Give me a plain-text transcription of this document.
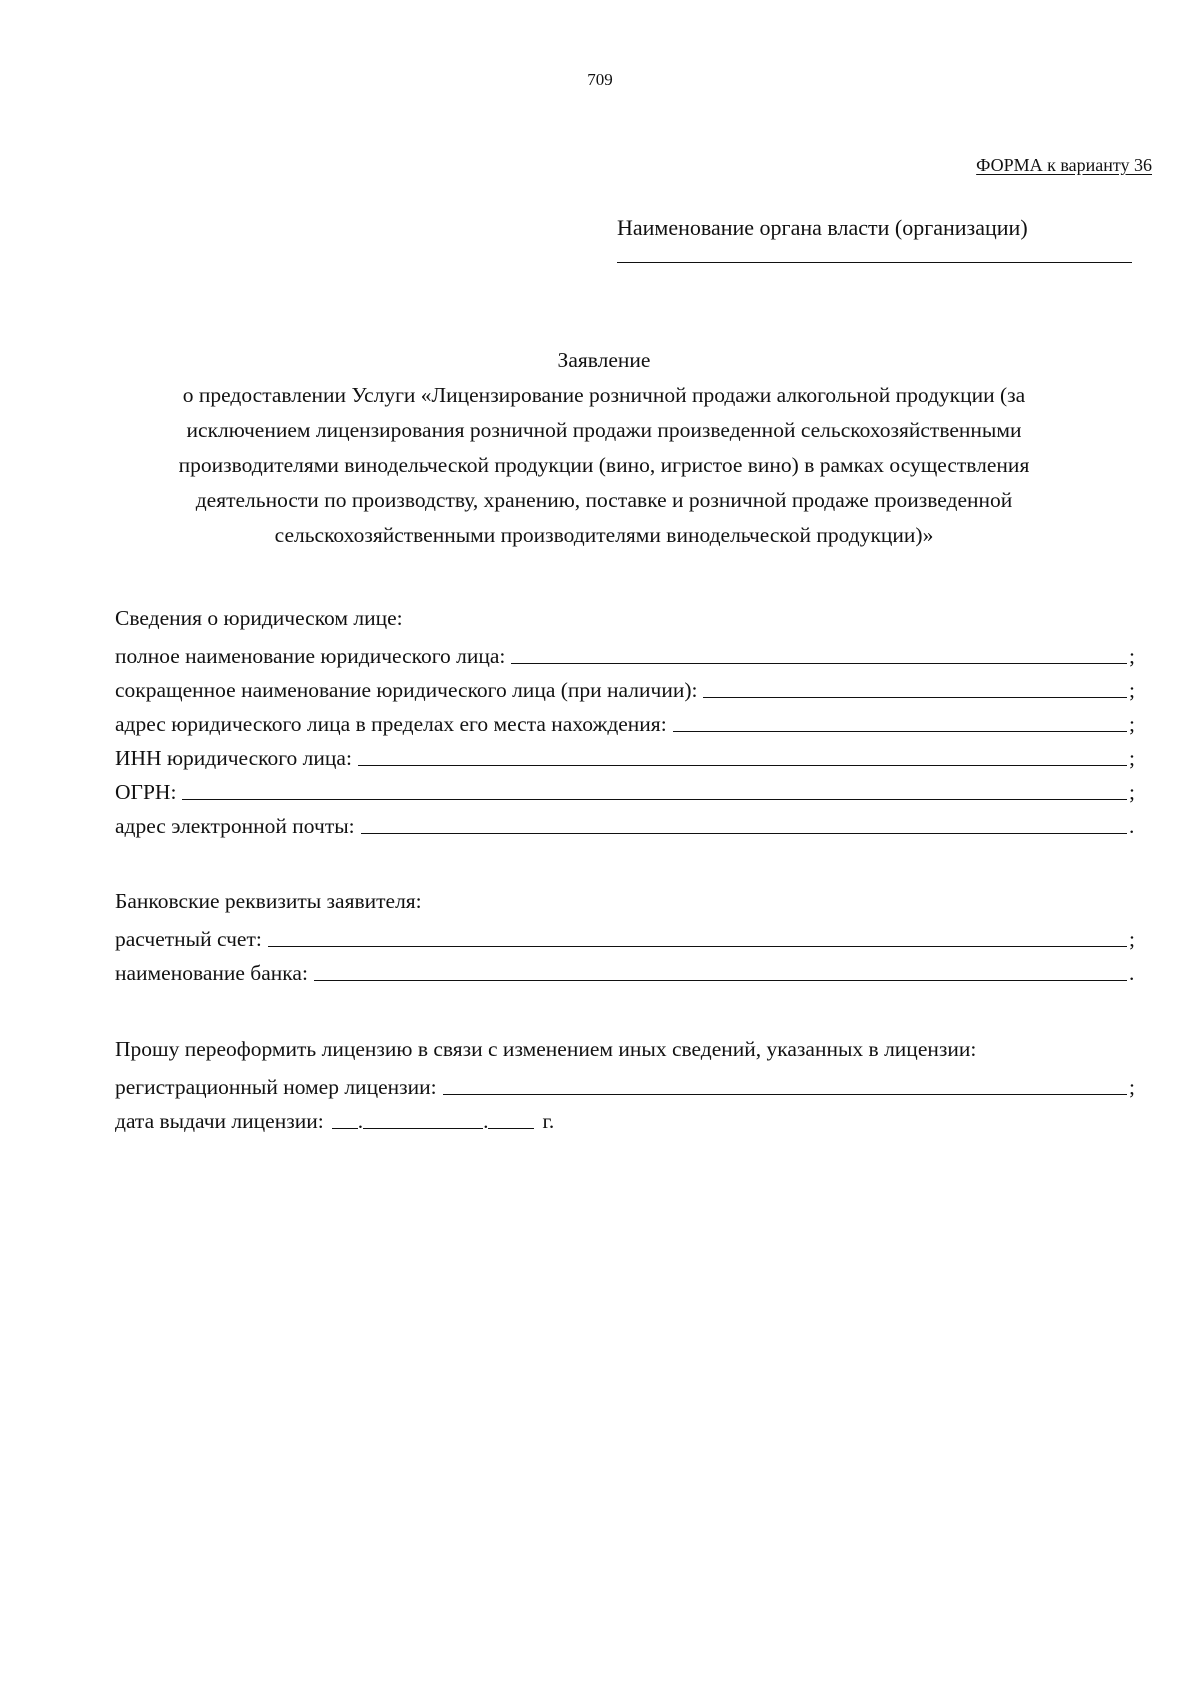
709
ФОРМА к варианту 36
Наименование органа власти (организации)
Заявление
о предоставлении Услуги «Лицензирование розничной продажи алкогольной продукции (за
исключением лицензирования розничной продажи произведенной сельскохозяйственными
производителями винодельческой продукции (вино, игристое вино) в рамках осуществления
деятельности по производству, хранению, поставке и розничной продаже произведенной
сельскохозяйственными производителями винодельческой продукции)»
Сведения о юридическом лице:
полное наименование юридического лица:	;
сокращенное наименование юридического лица (при наличии):	;
адрес юридического лица в пределах его места нахождения:	;
ИНН юридического лица:	;
ОГРН:	;
адрес электронной почты:	.
Банковские реквизиты заявителя:
расчетный счет:	;
наименование банка:	.
Прошу переоформить лицензию в связи с изменением иных сведений, указанных в лицензии:
регистрационный номер лицензии:	;
дата выдачи лицензии: .	.	г.
